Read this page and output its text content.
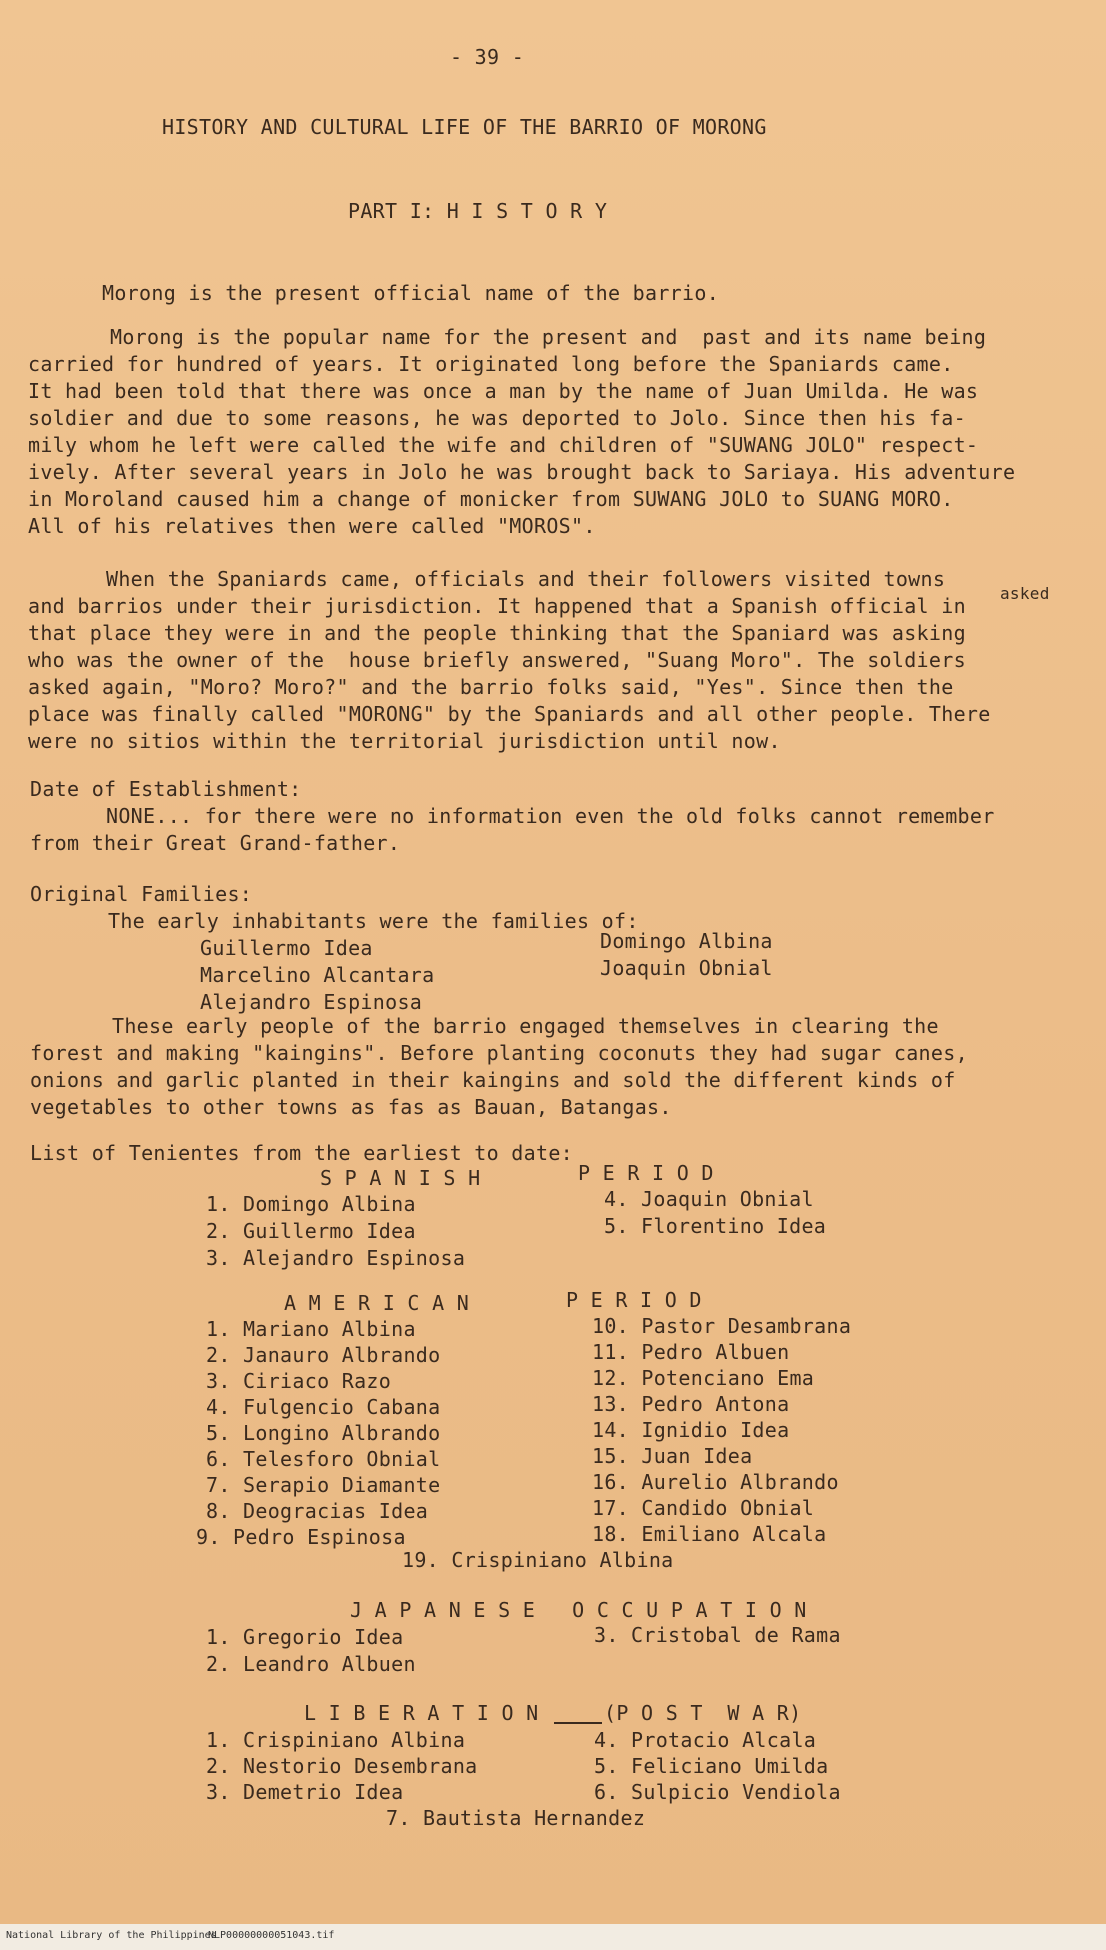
- 39 -
HISTORY AND CULTURAL LIFE OF THE BARRIO OF MORONG
PART I: H I S T O R Y
Morong is the present official name of the barrio.
Morong is the popular name for the present and  past and its name being
carried for hundred of years. It originated long before the Spaniards came.
It had been told that there was once a man by the name of Juan Umilda. He was
soldier and due to some reasons, he was deported to Jolo. Since then his fa-
mily whom he left were called the wife and children of "SUWANG JOLO" respect-
ively. After several years in Jolo he was brought back to Sariaya. His adventure
in Moroland caused him a change of monicker from SUWANG JOLO to SUANG MORO.
All of his relatives then were called "MOROS".
asked
When the Spaniards came, officials and their followers visited towns
and barrios under their jurisdiction. It happened that a Spanish official in
that place they were in and the people thinking that the Spaniard was asking
who was the owner of the  house briefly answered, "Suang Moro". The soldiers
asked again, "Moro? Moro?" and the barrio folks said, "Yes". Since then the
place was finally called "MORONG" by the Spaniards and all other people. There
were no sitios within the territorial jurisdiction until now.
Date of Establishment:
NONE... for there were no information even the old folks cannot remember
from their Great Grand-father.
Original Families:
The early inhabitants were the families of:
Guillermo Idea
Marcelino Alcantara
Alejandro Espinosa
Domingo Albina
Joaquin Obnial
These early people of the barrio engaged themselves in clearing the
forest and making "kaingins". Before planting coconuts they had sugar canes,
onions and garlic planted in their kaingins and sold the different kinds of
vegetables to other towns as fas as Bauan, Batangas.
List of Tenientes from the earliest to date:
S P A N I S H	P E R I O D
1. Domingo Albina
2. Guillermo Idea
3. Alejandro Espinosa
4. Joaquin Obnial
5. Florentino Idea
A M E R I C A N	P E R I O D
1. Mariano Albina
2. Janauro Albrando
3. Ciriaco Razo
4. Fulgencio Cabana
5. Longino Albrando
6. Telesforo Obnial
7. Serapio Diamante
8. Deogracias Idea
9. Pedro Espinosa
10. Pastor Desambrana
11. Pedro Albuen
12. Potenciano Ema
13. Pedro Antona
14. Ignidio Idea
15. Juan Idea
16. Aurelio Albrando
17. Candido Obnial
18. Emiliano Alcala
19. Crispiniano Albina
J A P A N E S E   O C C U P A T I O N
1. Gregorio Idea
2. Leandro Albuen
3. Cristobal de Rama
L I B E R A T I O N	(P O S T  W A R)
1. Crispiniano Albina
2. Nestorio Desembrana
3. Demetrio Idea
4. Protacio Alcala
5. Feliciano Umilda
6. Sulpicio Vendiola
7. Bautista Hernandez
National Library of the Philippines
NLP00000000051043.tif
